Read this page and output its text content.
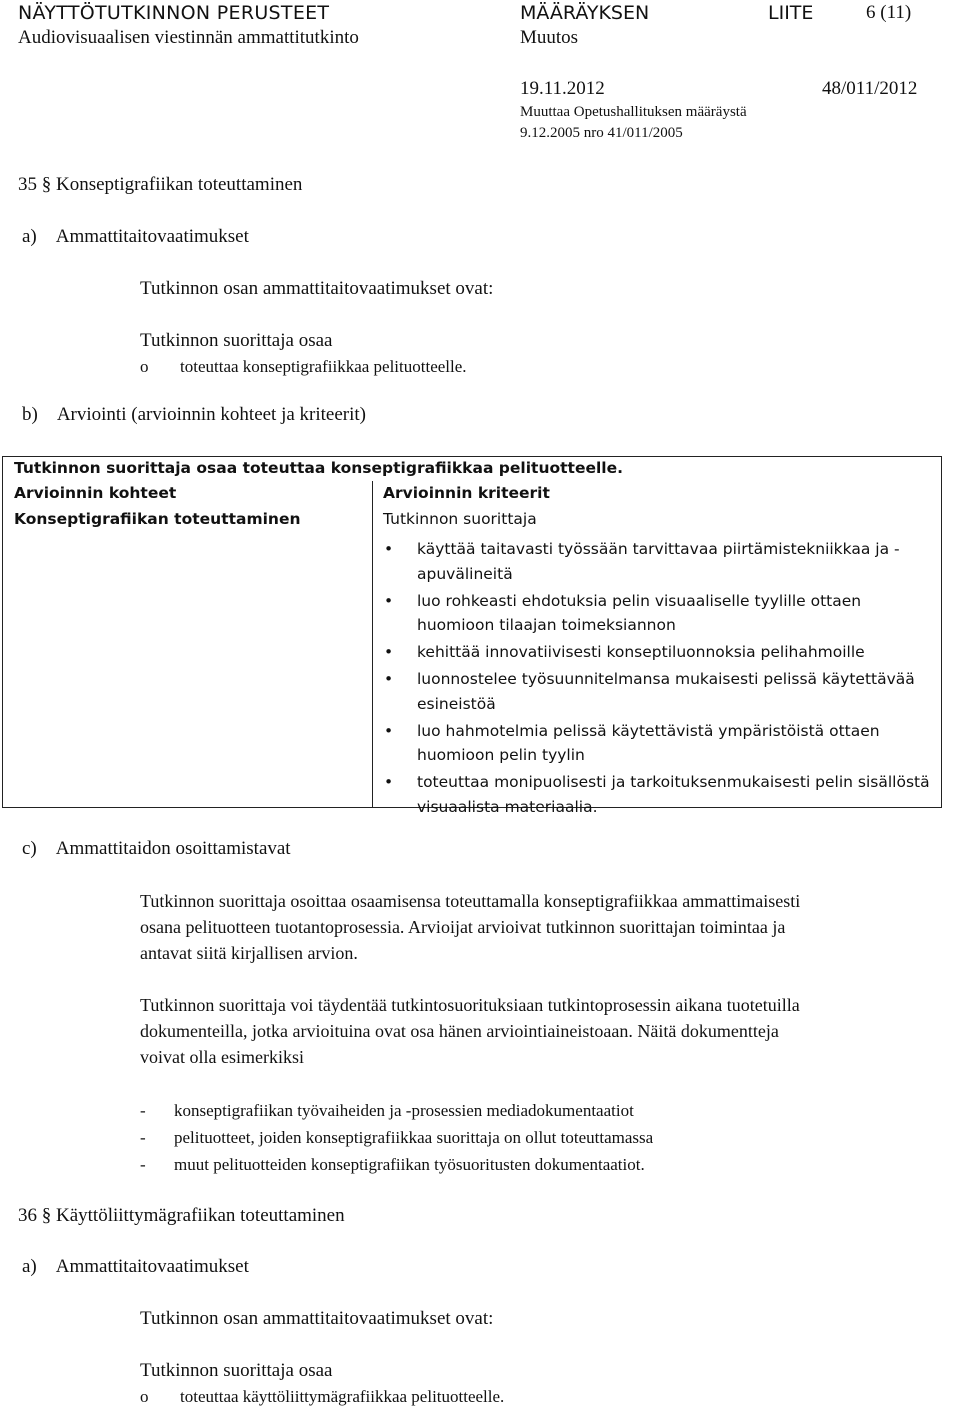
NÄYTTÖTUTKINNON PERUSTEET
Audiovisuaalisen viestinnän ammattitutkinto
MÄÄRÄYKSEN	LIITE	6 (11)
Muutos
19.11.2012	48/011/2012
Muuttaa Opetushallituksen määräystä
9.12.2005 nro 41/011/2005
35 § Konseptigrafiikan toteuttaminen
a) Ammattitaitovaatimukset
Tutkinnon osan ammattitaitovaatimukset ovat:
Tutkinnon suorittaja osaa
o toteuttaa konseptigrafiikkaa pelituotteelle.
b) Arviointi (arvioinnin kohteet ja kriteerit)
Tutkinnon suorittaja osaa toteuttaa konseptigrafiikkaa pelituotteelle.
Arvioinnin kohteet	Arvioinnin kriteerit
Konseptigrafiikan toteuttaminen	Tutkinnon suorittaja
• käyttää taitavasti työssään tarvittavaa piirtämistekniikkaa ja -apuvälineitä
• luo rohkeasti ehdotuksia pelin visuaaliselle tyylille ottaen huomioon tilaajan toimeksiannon
• kehittää innovatiivisesti konseptiluonnoksia pelihahmoille
• luonnostelee työsuunnitelmansa mukaisesti pelissä käytettävää esineistöä
• luo hahmotelmia pelissä käytettävistä ympäristöistä ottaen huomioon pelin tyylin
• toteuttaa monipuolisesti ja tarkoituksenmukaisesti pelin sisällöstä visuaalista materiaalia.
c) Ammattitaidon osoittamistavat
Tutkinnon suorittaja osoittaa osaamisensa toteuttamalla konseptigrafiikkaa ammattimaisesti
osana pelituotteen tuotantoprosessia. Arvioijat arvioivat tutkinnon suorittajan toimintaa ja
antavat siitä kirjallisen arvion.
Tutkinnon suorittaja voi täydentää tutkintosuorituksiaan tutkintoprosessin aikana tuotetuilla
dokumenteilla, jotka arvioituina ovat osa hänen arviointiaineistoaan. Näitä dokumentteja
voivat olla esimerkiksi
- konseptigrafiikan työvaiheiden ja -prosessien mediadokumentaatiot
- pelituotteet, joiden konseptigrafiikkaa suorittaja on ollut toteuttamassa
- muut pelituotteiden konseptigrafiikan työsuoritusten dokumentaatiot.
36 § Käyttöliittymägrafiikan toteuttaminen
a) Ammattitaitovaatimukset
Tutkinnon osan ammattitaitovaatimukset ovat:
Tutkinnon suorittaja osaa
o toteuttaa käyttöliittymägrafiikkaa pelituotteelle.
